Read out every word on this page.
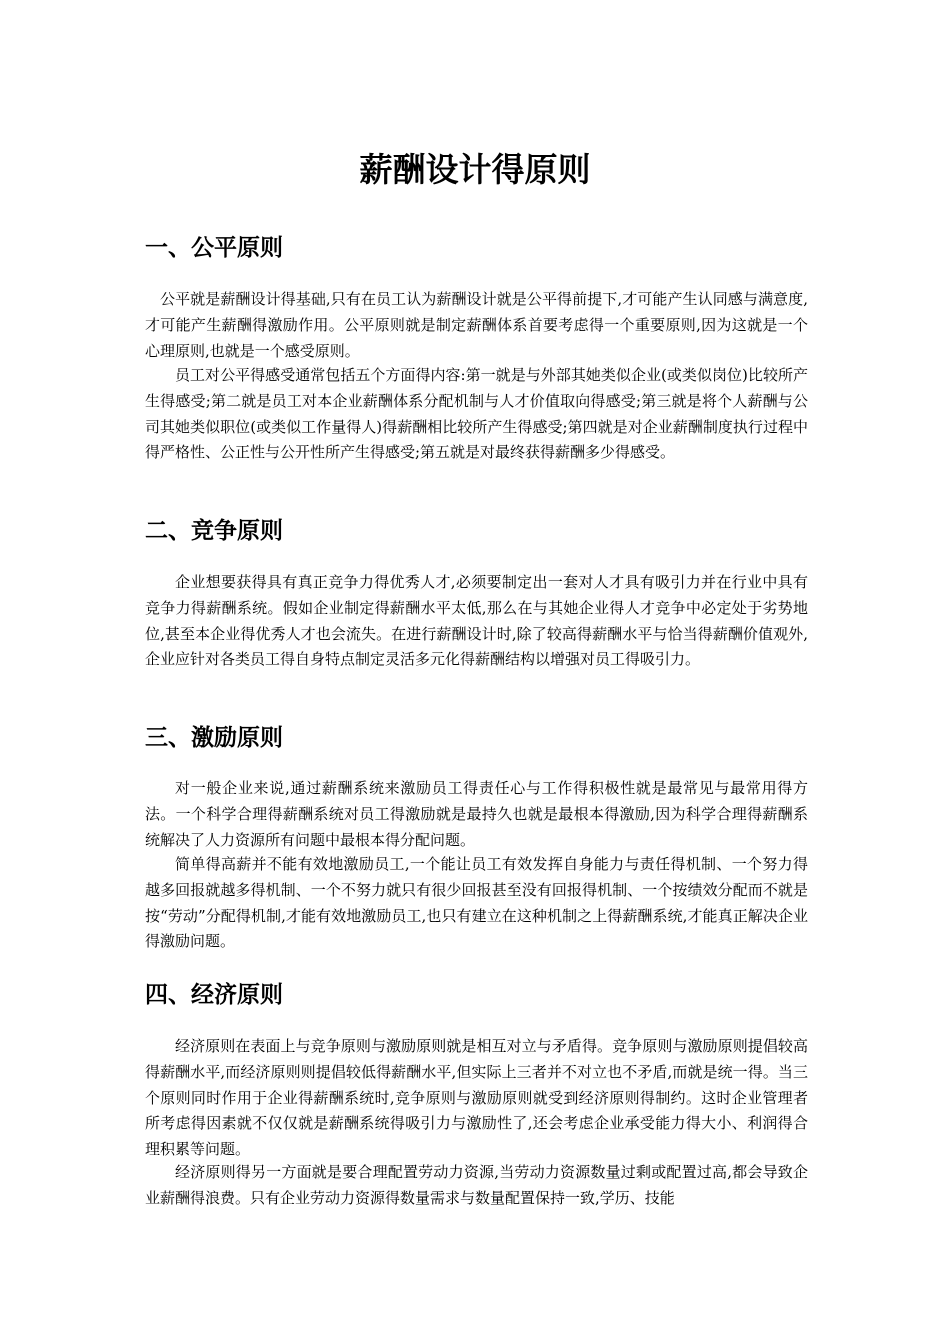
薪酬设计得原则
一、公平原则

公平就是薪酬设计得基础,只有在员工认为薪酬设计就是公平得前提下,才可能产生认同感与满意度,才可能产生薪酬得激励作用。公平原则就是制定薪酬体系首要考虑得一个重要原则,因为这就是一个心理原则,也就是一个感受原则。

员工对公平得感受通常包括五个方面得内容:第一就是与外部其她类似企业(或类似岗位)比较所产生得感受;第二就是员工对本企业薪酬体系分配机制与人才价值取向得感受;第三就是将个人薪酬与公司其她类似职位(或类似工作量得人)得薪酬相比较所产生得感受;第四就是对企业薪酬制度执行过程中得严格性、公正性与公开性所产生得感受;第五就是对最终获得薪酬多少得感受。

二、竞争原则

企业想要获得具有真正竞争力得优秀人才,必须要制定出一套对人才具有吸引力并在行业中具有竞争力得薪酬系统。假如企业制定得薪酬水平太低,那么在与其她企业得人才竞争中必定处于劣势地位,甚至本企业得优秀人才也会流失。在进行薪酬设计时,除了较高得薪酬水平与恰当得薪酬价值观外,企业应针对各类员工得自身特点制定灵活多元化得薪酬结构以增强对员工得吸引力。

三、激励原则

对一般企业来说,通过薪酬系统来激励员工得责任心与工作得积极性就是最常见与最常用得方法。一个科学合理得薪酬系统对员工得激励就是最持久也就是最根本得激励,因为科学合理得薪酬系统解决了人力资源所有问题中最根本得分配问题。

简单得高薪并不能有效地激励员工,一个能让员工有效发挥自身能力与责任得机制、一个努力得越多回报就越多得机制、一个不努力就只有很少回报甚至没有回报得机制、一个按绩效分配而不就是按“劳动”分配得机制,才能有效地激励员工,也只有建立在这种机制之上得薪酬系统,才能真正解决企业得激励问题。

四、经济原则

经济原则在表面上与竞争原则与激励原则就是相互对立与矛盾得。竞争原则与激励原则提倡较高得薪酬水平,而经济原则则提倡较低得薪酬水平,但实际上三者并不对立也不矛盾,而就是统一得。当三个原则同时作用于企业得薪酬系统时,竞争原则与激励原则就受到经济原则得制约。这时企业管理者所考虑得因素就不仅仅就是薪酬系统得吸引力与激励性了,还会考虑企业承受能力得大小、利润得合理积累等问题。

经济原则得另一方面就是要合理配置劳动力资源,当劳动力资源数量过剩或配置过高,都会导致企业薪酬得浪费。只有企业劳动力资源得数量需求与数量配置保持一致,学历、技能
